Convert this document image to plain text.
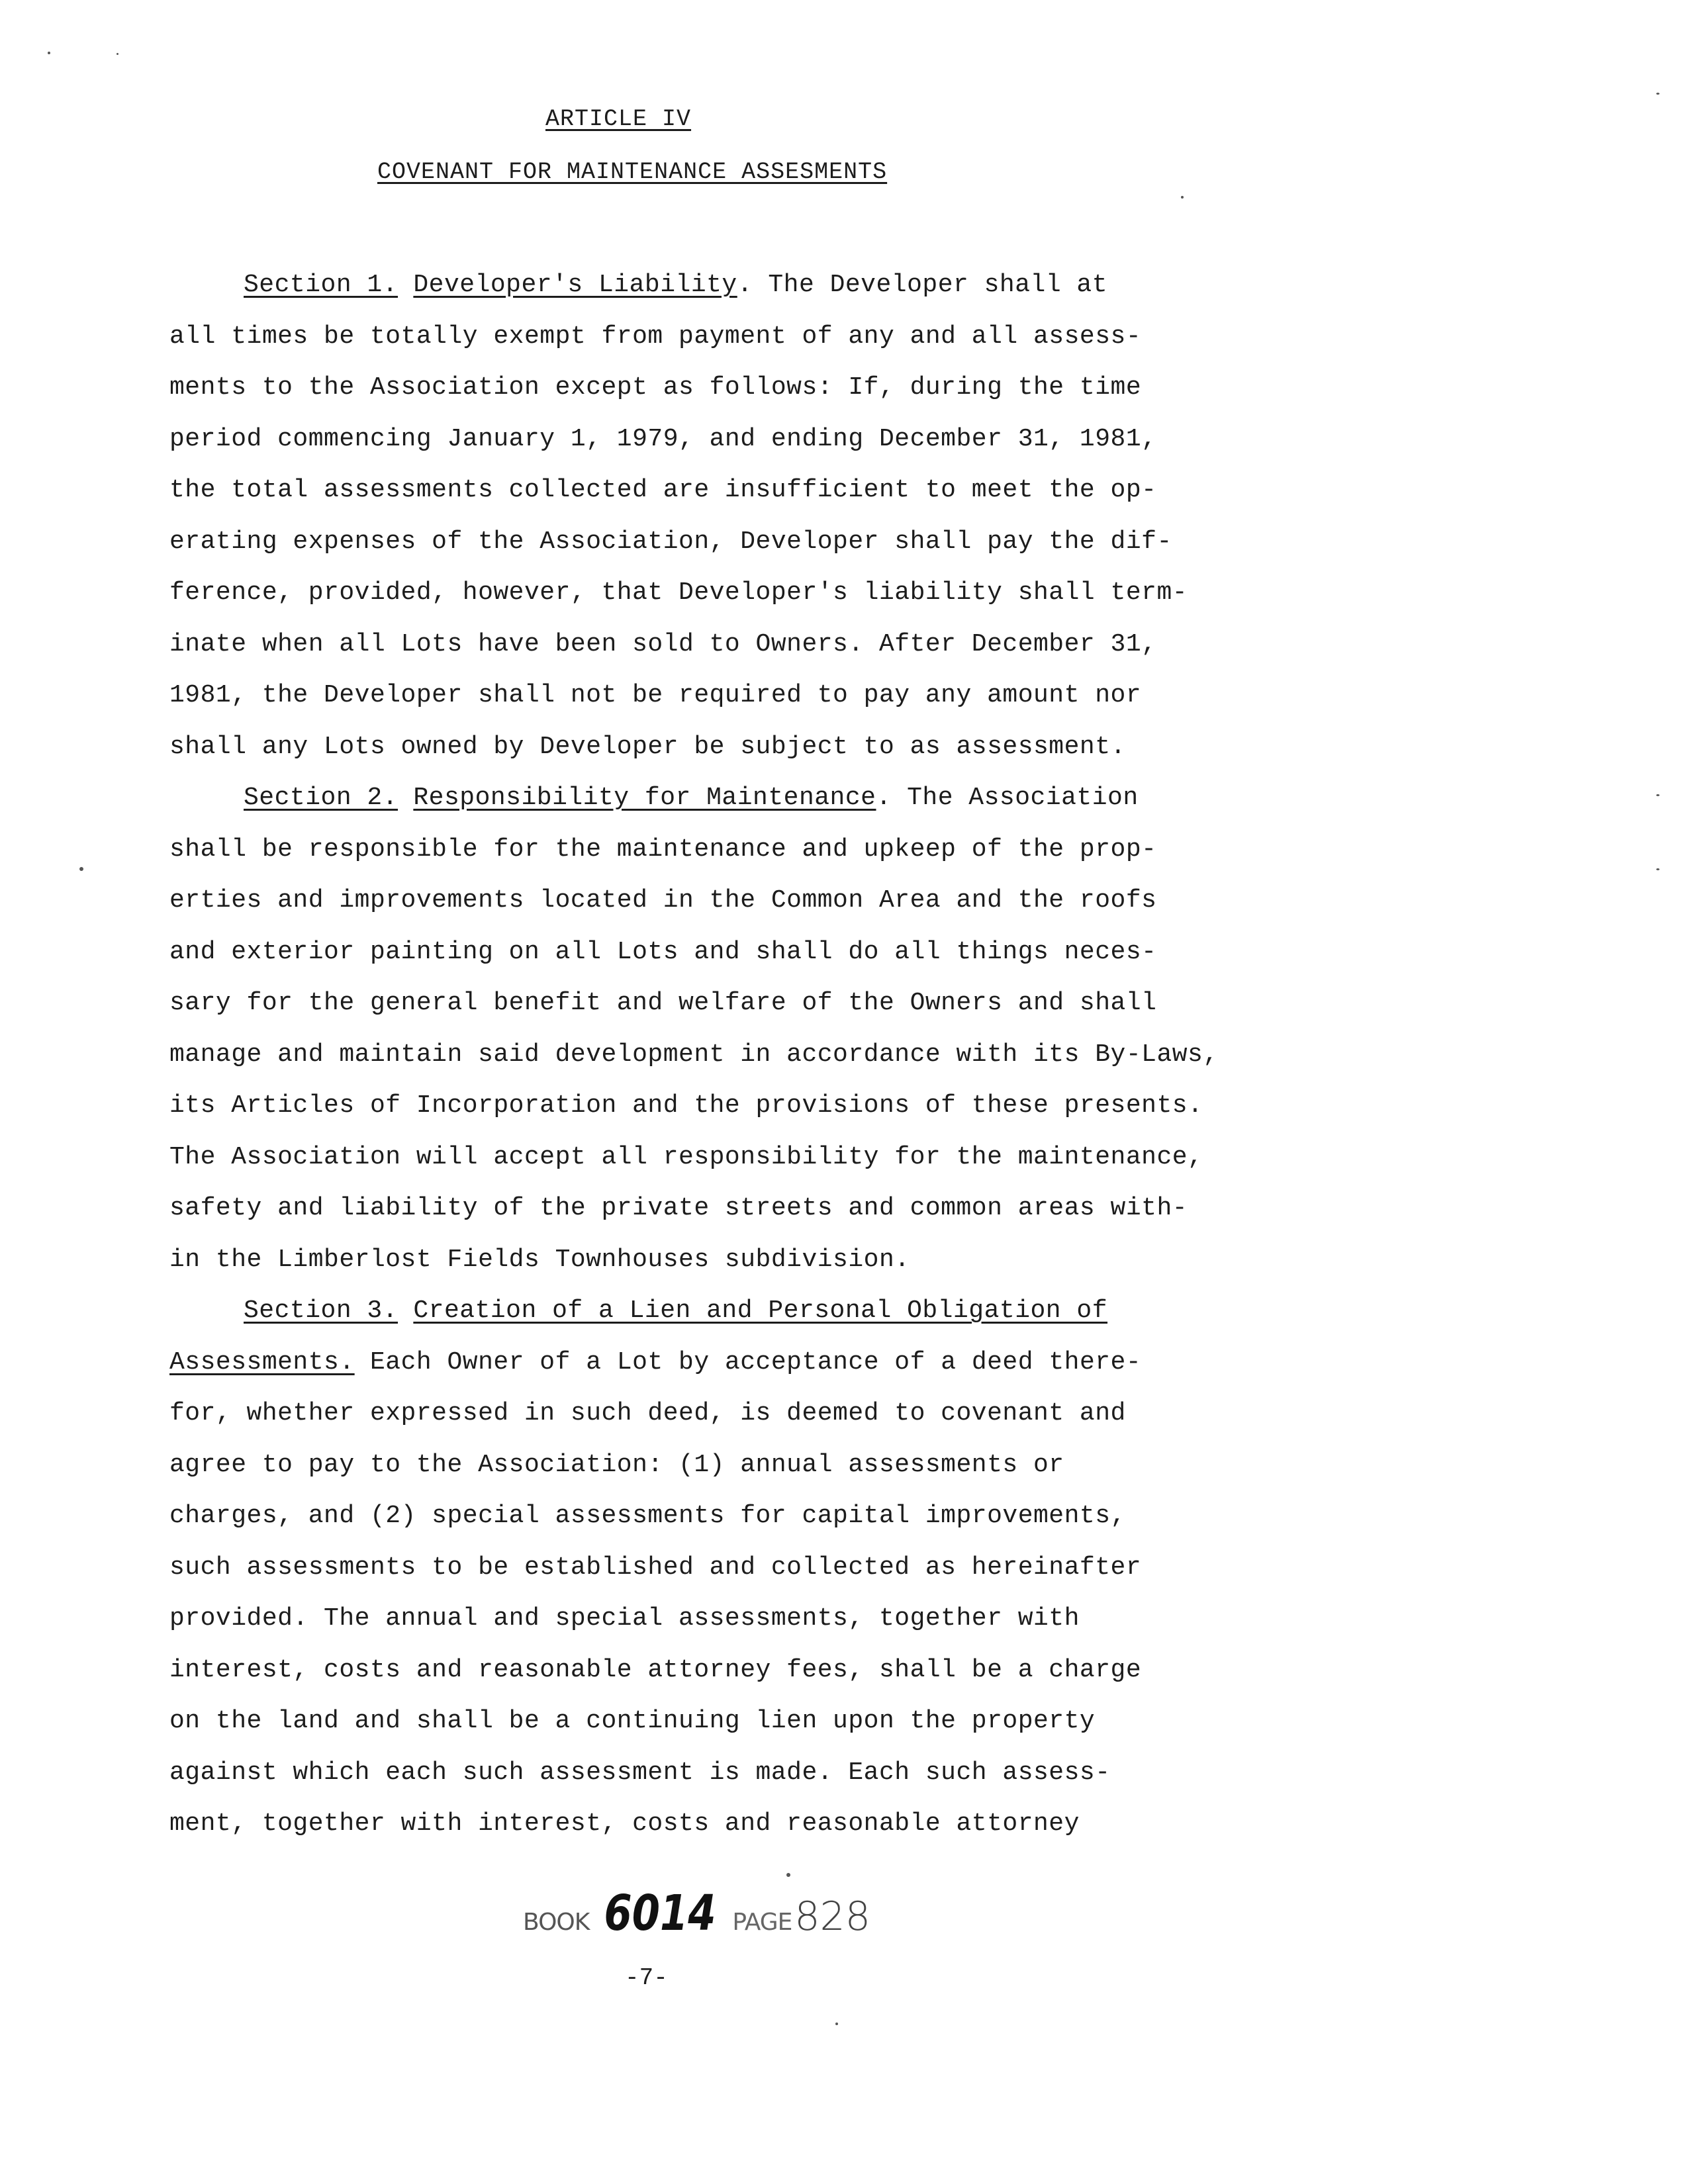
ARTICLE IV
COVENANT FOR MAINTENANCE ASSESMENTS
Section 1. Developer's Liability. The Developer shall at
all times be totally exempt from payment of any and all assess-
ments to the Association except as follows: If, during the time
period commencing January 1, 1979, and ending December 31, 1981,
the total assessments collected are insufficient to meet the op-
erating expenses of the Association, Developer shall pay the dif-
ference, provided, however, that Developer's liability shall term-
inate when all Lots have been sold to Owners. After December 31,
1981, the Developer shall not be required to pay any amount nor
shall any Lots owned by Developer be subject to as assessment.
Section 2. Responsibility for Maintenance. The Association
shall be responsible for the maintenance and upkeep of the prop-
erties and improvements located in the Common Area and the roofs
and exterior painting on all Lots and shall do all things neces-
sary for the general benefit and welfare of the Owners and shall
manage and maintain said development in accordance with its By-Laws,
its Articles of Incorporation and the provisions of these presents.
The Association will accept all responsibility for the maintenance,
safety and liability of the private streets and common areas with-
in the Limberlost Fields Townhouses subdivision.
Section 3. Creation of a Lien and Personal Obligation of
Assessments. Each Owner of a Lot by acceptance of a deed there-
for, whether expressed in such deed, is deemed to covenant and
agree to pay to the Association: (1) annual assessments or
charges, and (2) special assessments for capital improvements,
such assessments to be established and collected as hereinafter
provided. The annual and special assessments, together with
interest, costs and reasonable attorney fees, shall be a charge
on the land and shall be a continuing lien upon the property
against which each such assessment is made. Each such assess-
ment, together with interest, costs and reasonable attorney
BOOK 6014 PAGE 828
-7-
